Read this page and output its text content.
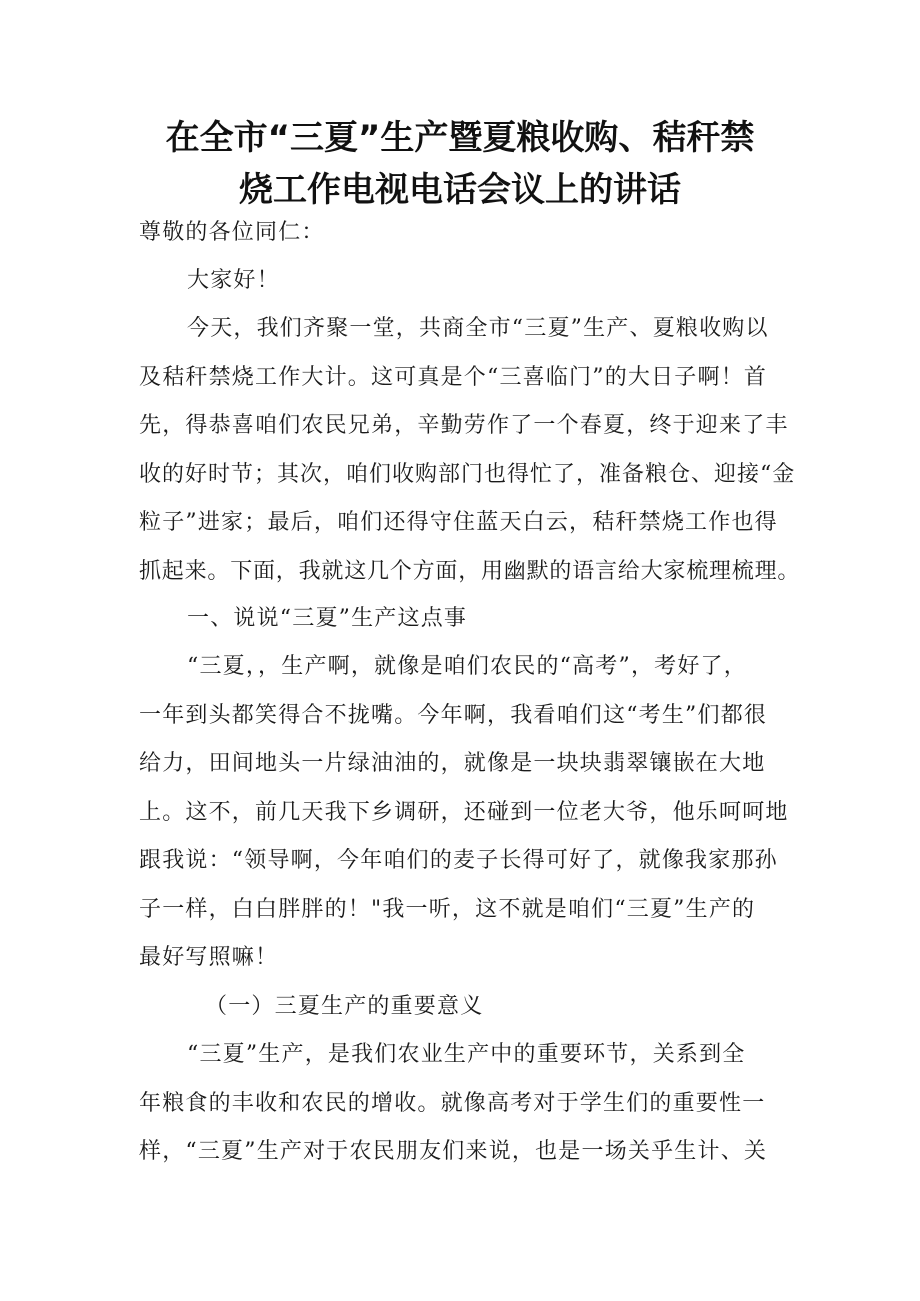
在全市“三夏”生产暨夏粮收购、秸秆禁
烧工作电视电话会议上的讲话
尊敬的各位同仁：
大家好！
今天，我们齐聚一堂，共商全市“三夏”生产、夏粮收购以
及秸秆禁烧工作大计。这可真是个“三喜临门”的大日子啊！首
先，得恭喜咱们农民兄弟，辛勤劳作了一个春夏，终于迎来了丰
收的好时节；其次，咱们收购部门也得忙了，准备粮仓、迎接“金
粒子”进家；最后，咱们还得守住蓝天白云，秸秆禁烧工作也得
抓起来。下面，我就这几个方面，用幽默的语言给大家梳理梳理。
一、说说“三夏”生产这点事
“三夏，，生产啊，就像是咱们农民的“高考”，考好了，
一年到头都笑得合不拢嘴。今年啊，我看咱们这“考生”们都很
给力，田间地头一片绿油油的，就像是一块块翡翠镶嵌在大地
上。这不，前几天我下乡调研，还碰到一位老大爷，他乐呵呵地
跟我说：“领导啊，今年咱们的麦子长得可好了，就像我家那孙
子一样，白白胖胖的！"我一听，这不就是咱们“三夏”生产的
最好写照嘛！
（一）三夏生产的重要意义
“三夏”生产，是我们农业生产中的重要环节，关系到全
年粮食的丰收和农民的增收。就像高考对于学生们的重要性一
样，“三夏”生产对于农民朋友们来说，也是一场关乎生计、关
